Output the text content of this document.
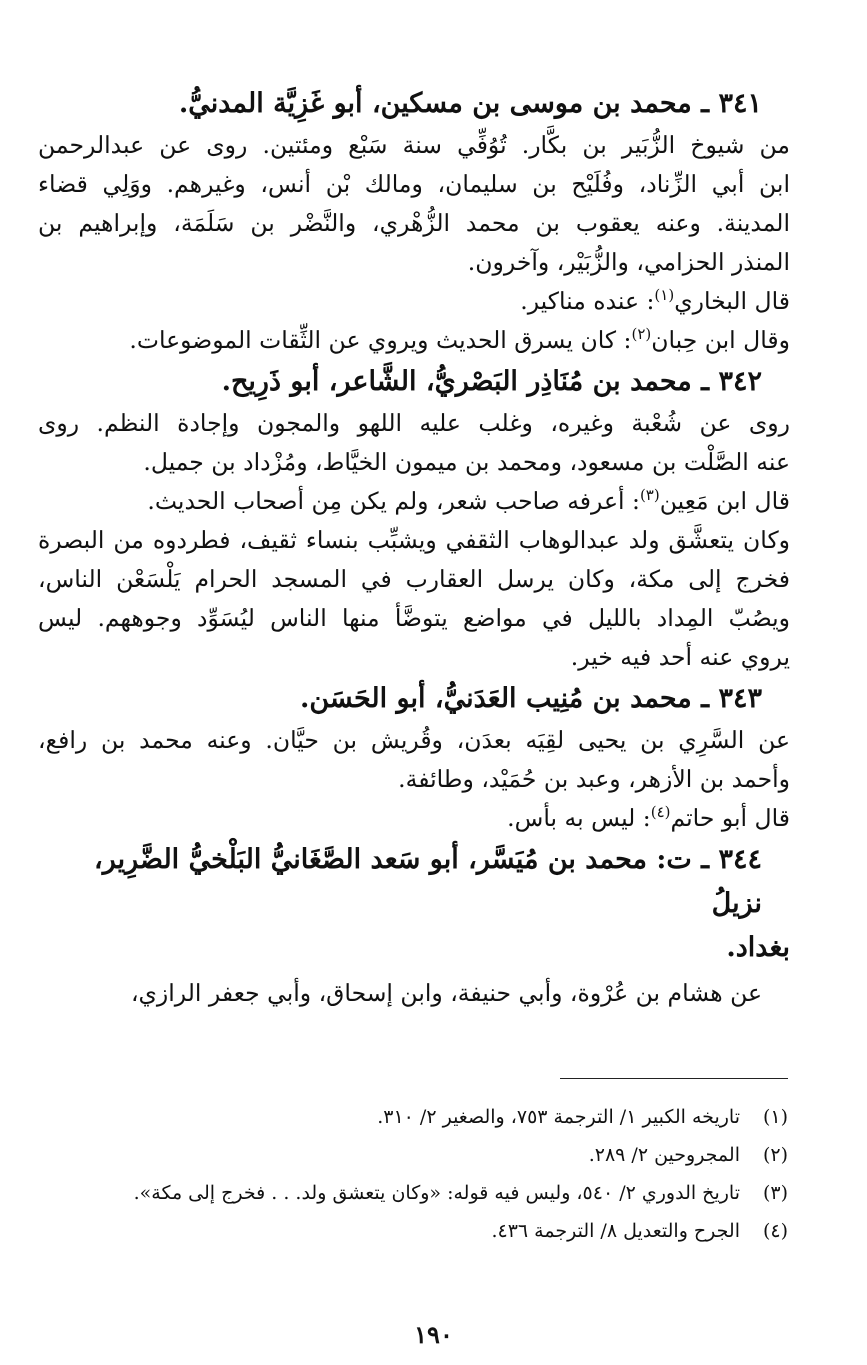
٣٤١ ـ محمد بن موسى بن مسكين، أبو غَزِيَّة المدنيُّ.

من شيوخ الزُّبَير بن بكَّار. تُوُفِّي سنة سَبْع ومئتين. روى عن عبدالرحمن
ابن أبي الزِّناد، وفُلَيْح بن سليمان، ومالك بْن أنس، وغيرهم. ووَلِي قضاء
المدينة. وعنه يعقوب بن محمد الزُّهْري، والنَّضْر بن سَلَمَة، وإبراهيم بن
المنذر الحزامي، والزُّبَيْر، وآخرون.

قال البخاري$^{(١)}$: عنده مناكير.

وقال ابن حِبان$^{(٢)}$: كان يسرق الحديث ويروي عن الثِّقات الموضوعات.

٣٤٢ ـ محمد بن مُنَاذِر البَصْريُّ، الشَّاعر، أبو ذَرِيح.

روى عن شُعْبة وغيره، وغلب عليه اللهو والمجون وإجادة النظم. روى
عنه الصَّلْت بن مسعود، ومحمد بن ميمون الخيَّاط، ومُزْداد بن جميل.

قال ابن مَعِين$^{(٣)}$: أعرفه صاحب شعر، ولم يكن مِن أصحاب الحديث.
وكان يتعشَّق ولد عبدالوهاب الثقفي ويشبِّب بنساء ثقيف، فطردوه من البصرة
فخرج إلى مكة، وكان يرسل العقارب في المسجد الحرام يَلْسَعْن الناس،
ويصُبّ المِداد بالليل في مواضع يتوضَّأ منها الناس ليُسَوِّد وجوههم. ليس
يروي عنه أحد فيه خير.

٣٤٣ ـ محمد بن مُنِيب العَدَنيُّ، أبو الحَسَن.

عن السَّرِي بن يحيى لقِيَه بعدَن، وقُريش بن حيَّان. وعنه محمد بن رافع،
وأحمد بن الأزهر، وعبد بن حُمَيْد، وطائفة.

قال أبو حاتم$^{(٤)}$: ليس به بأس.

٣٤٤ ـ ت: محمد بن مُيَسَّر، أبو سَعد الصَّغَانيُّ البَلْخيُّ الضَّرِير، نزيلُ
بغداد.

عن هشام بن عُرْوة، وأبي حنيفة، وابن إسحاق، وأبي جعفر الرازي،

(١)
تاريخه الكبير ١/ الترجمة ٧٥٣، والصغير ٢/ ٣١٠.
(٢)
المجروحين ٢/ ٢٨٩.
(٣)
تاريخ الدوري ٢/ ٥٤٠، وليس فيه قوله: «وكان يتعشق ولد. . . فخرج إلى مكة».
(٤)
الجرح والتعديل ٨/ الترجمة ٤٣٦.
١٩٠
